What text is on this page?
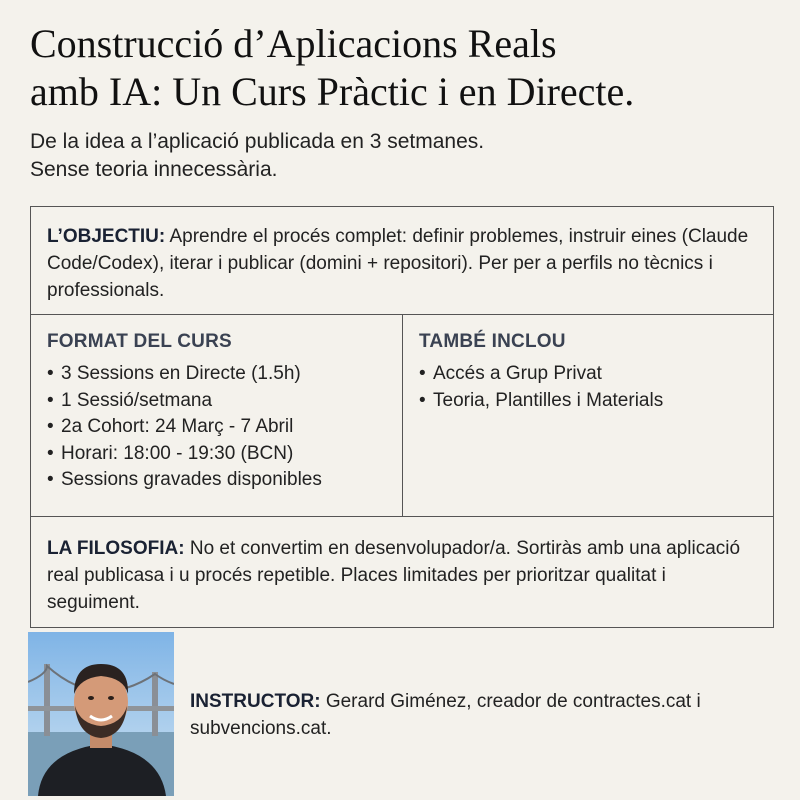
Construcció d’Aplicacions Reals
amb IA: Un Curs Pràctic i en Directe.
De la idea a l’aplicació publicada en 3 setmanes.
Sense teoria innecessària.

L’OBJECTIU: Aprendre el procés complet: definir problemes, instruir eines (Claude Code/Codex), iterar i publicar (domini + repositori). Per per a perfils no tècnics i professionals.

FORMAT DEL CURS
• 3 Sessions en Directe (1.5h)
• 1 Sessió/setmana
• 2a Cohort: 24 Març - 7 Abril
• Horari: 18:00 - 19:30 (BCN)
• Sessions gravades disponibles
TAMBÉ INCLOU
• Accés a Grup Privat
• Teoria, Plantilles i Materials

LA FILOSOFIA: No et convertim en desenvolupador/a. Sortiràs amb una aplicació real publicasa i u procés repetible. Places limitades per prioritzar qualitat i seguiment.

INSTRUCTOR: Gerard Giménez, creador de contractes.cat i subvencions.cat.
